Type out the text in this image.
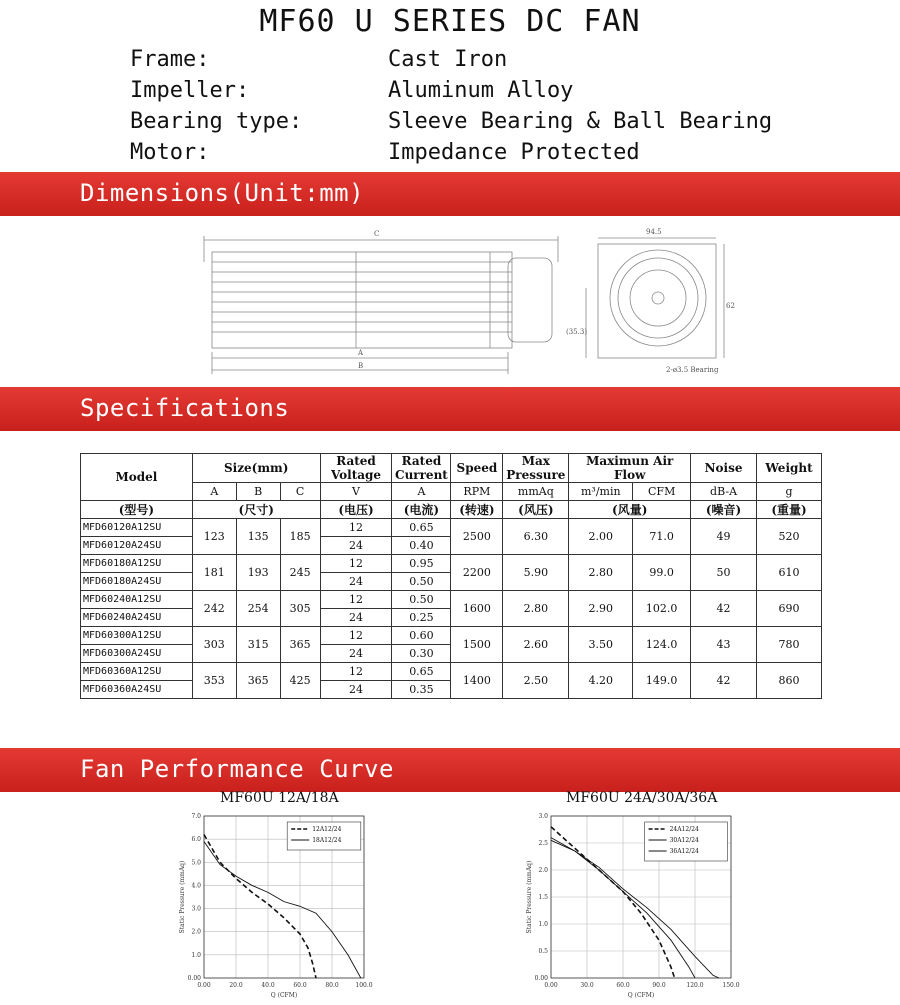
MF60 U SERIES DC FAN
Frame:	Cast Iron
Impeller:	Aluminum Alloy
Bearing type:	Sleeve Bearing & Ball Bearing
Motor:	Impedance Protected
Dimensions(Unit:mm)
C
A
B
94.5
62
(35.3)
2-ø3.5 Bearing
Specifications
Model	Size(mm)			Rated Voltage	Rated Current	Speed	Max Pressure	Maximun Air Flow		Noise	Weight
	A	B	C	V	A	RPM	mmAq	m³/min	CFM	dB-A	g
(型号)	(尺寸)			(电压)	(电流)	(转速)	(风压)	(风量)		(噪音)	(重量)
MFD60120A12SU	123	135	185	12	0.65	2500	6.30	2.00	71.0	49	520
MFD60120A24SU				24	0.40						
MFD60180A12SU	181	193	245	12	0.95	2200	5.90	2.80	99.0	50	610
MFD60180A24SU				24	0.50						
MFD60240A12SU	242	254	305	12	0.50	1600	2.80	2.90	102.0	42	690
MFD60240A24SU				24	0.25						
MFD60300A12SU	303	315	365	12	0.60	1500	2.60	3.50	124.0	43	780
MFD60300A24SU				24	0.30						
MFD60360A12SU	353	365	425	12	0.65	1400	2.50	4.20	149.0	42	860
MFD60360A24SU				24	0.35						
Fan Performance Curve
MF60U 12A/18A	MF60U 24A/30A/36A
0.00	20.0	40.0	60.0	80.0	100.0
0.00
1.0
2.0
3.0
4.0
5.0
6.0
7.0
Q (CFM)
Static Pressure (mmAq)
12A12/24
18A12/24
0.00	30.0	60.0	90.0	120.0	150.0
0.00
0.5
1.0
1.5
2.0
2.5
3.0
Q (CFM)
Static Pressure (mmAq)
24A12/24
30A12/24
36A12/24
